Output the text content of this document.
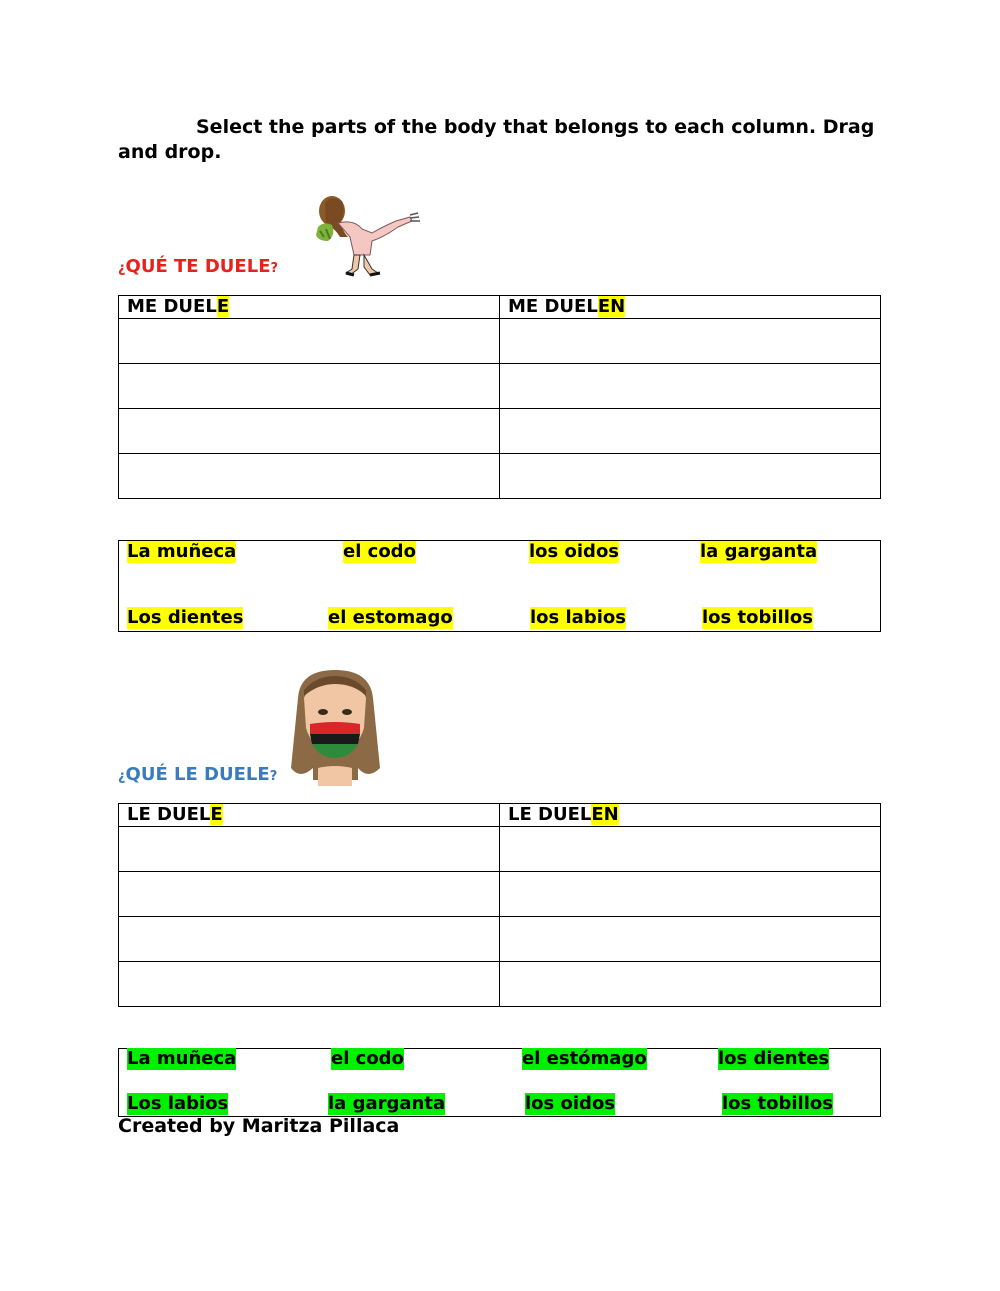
Select the parts of the body that belongs to each column. Drag and drop.
¿QUÉ TE DUELE?
ME DUELE	ME DUELEN

La muñeca	el codo	los oidos	la garganta
Los dientes	el estomago	los labios	los tobillos
¿QUÉ LE DUELE?
LE DUELE	LE DUELEN

La muñeca	el codo	el estómago	los dientes
Los labios	la garganta	los oidos	los tobillos
Created by Maritza Pillaca
